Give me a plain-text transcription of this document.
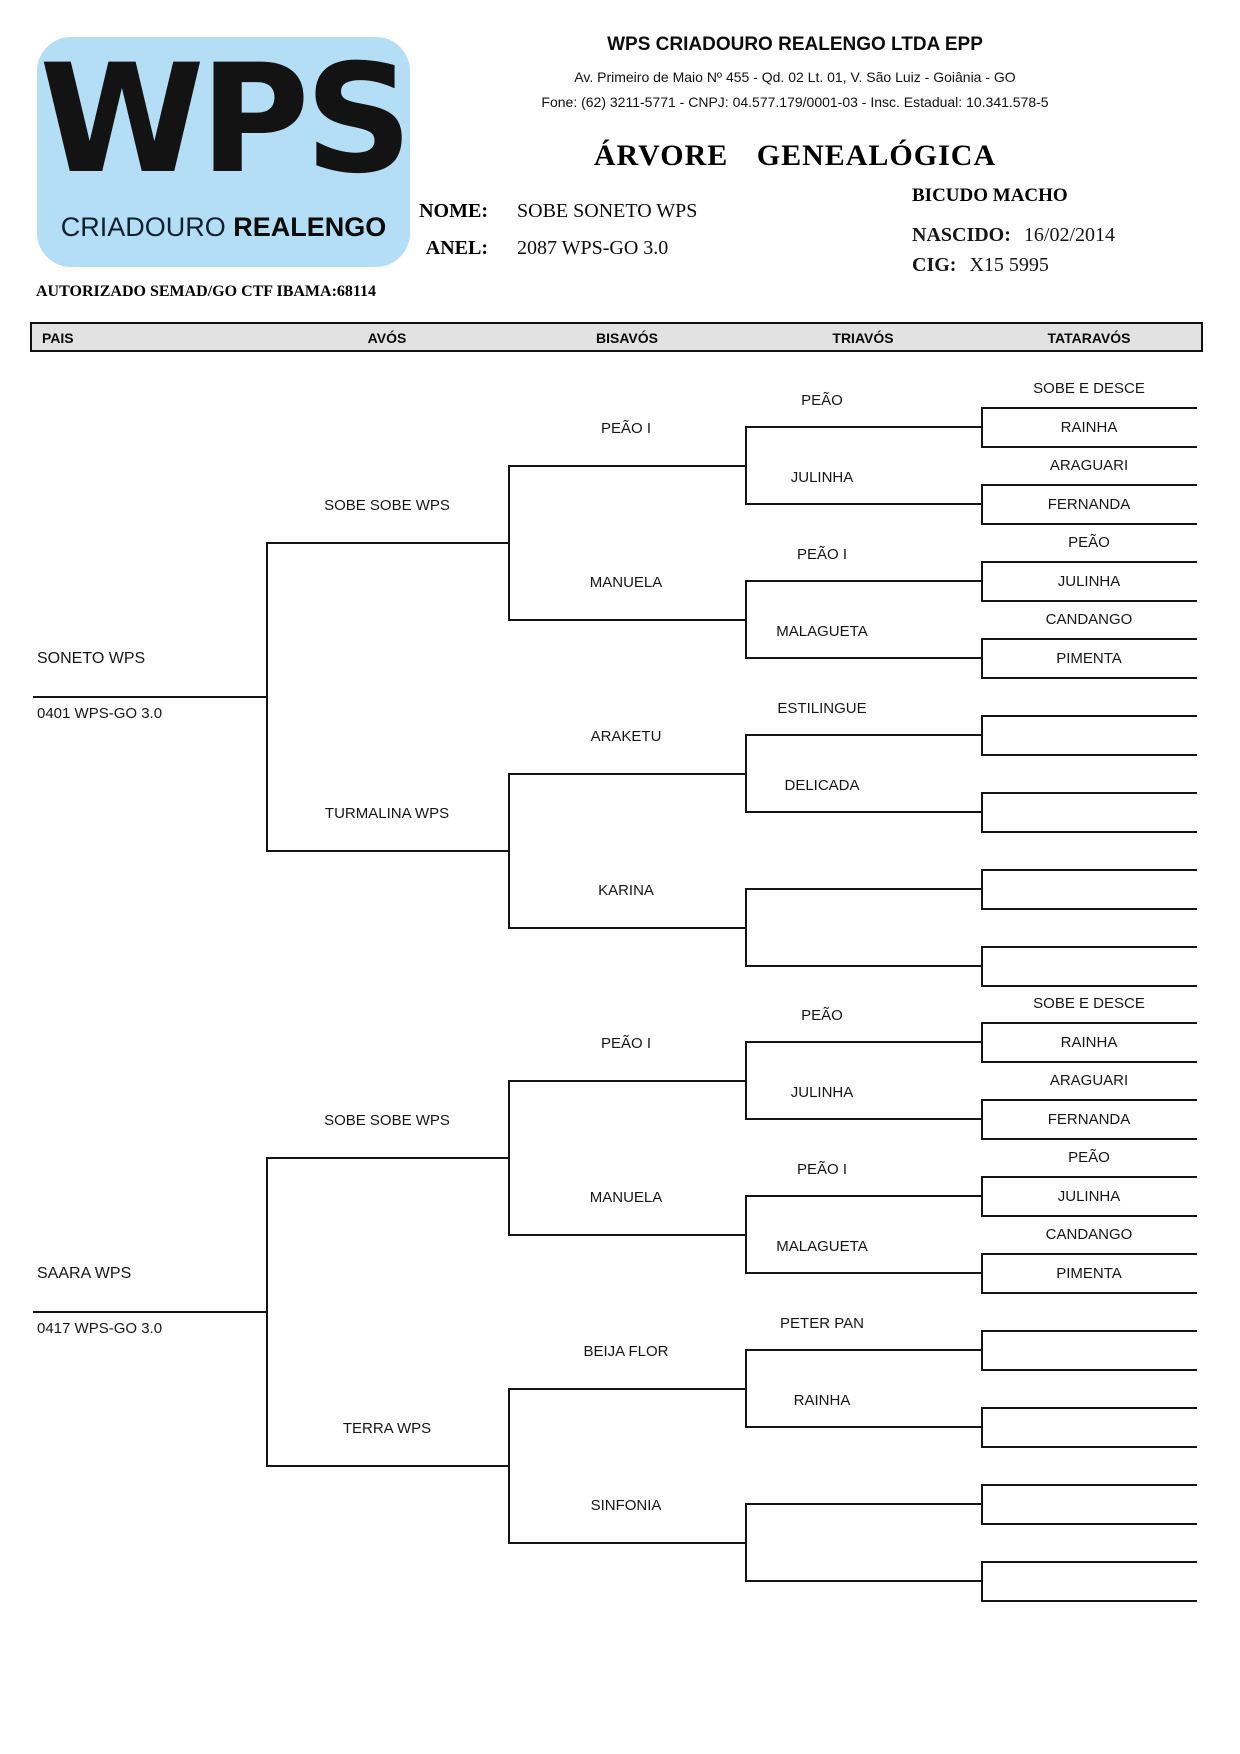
WPS
CRIADOURO REALENGO
AUTORIZADO SEMAD/GO CTF IBAMA:68114
WPS CRIADOURO REALENGO LTDA EPP
Av. Primeiro de Maio Nº 455 - Qd. 02 Lt. 01, V. São Luiz - Goiânia - GO
Fone: (62) 3211-5771 - CNPJ: 04.577.179/0001-03 - Insc. Estadual: 10.341.578-5
ÁRVORE GENEALÓGICA
NOME: SOBE SONETO WPS
ANEL: 2087 WPS-GO 3.0
BICUDO MACHO
NASCIDO: 16/02/2014
CIG: X15 5995
PAIS	AVÓS	BISAVÓS	TRIAVÓS	TATARAVÓS
SOBE E DESCE
RAINHA
PEÃO
ARAGUARI
FERNANDA
JULINHA
PEÃO I
PEÃO
JULINHA
PEÃO I
CANDANGO
PIMENTA
MALAGUETA
MANUELA
SOBE SOBE WPS
ESTILINGUE
DELICADA
ARAKETU
KARINA
TURMALINA WPS
SONETO WPS
0401 WPS-GO 3.0
SOBE E DESCE
RAINHA
PEÃO
ARAGUARI
FERNANDA
JULINHA
PEÃO I
PEÃO
JULINHA
PEÃO I
CANDANGO
PIMENTA
MALAGUETA
MANUELA
SOBE SOBE WPS
PETER PAN
RAINHA
BEIJA FLOR
SINFONIA
TERRA WPS
SAARA WPS
0417 WPS-GO 3.0
